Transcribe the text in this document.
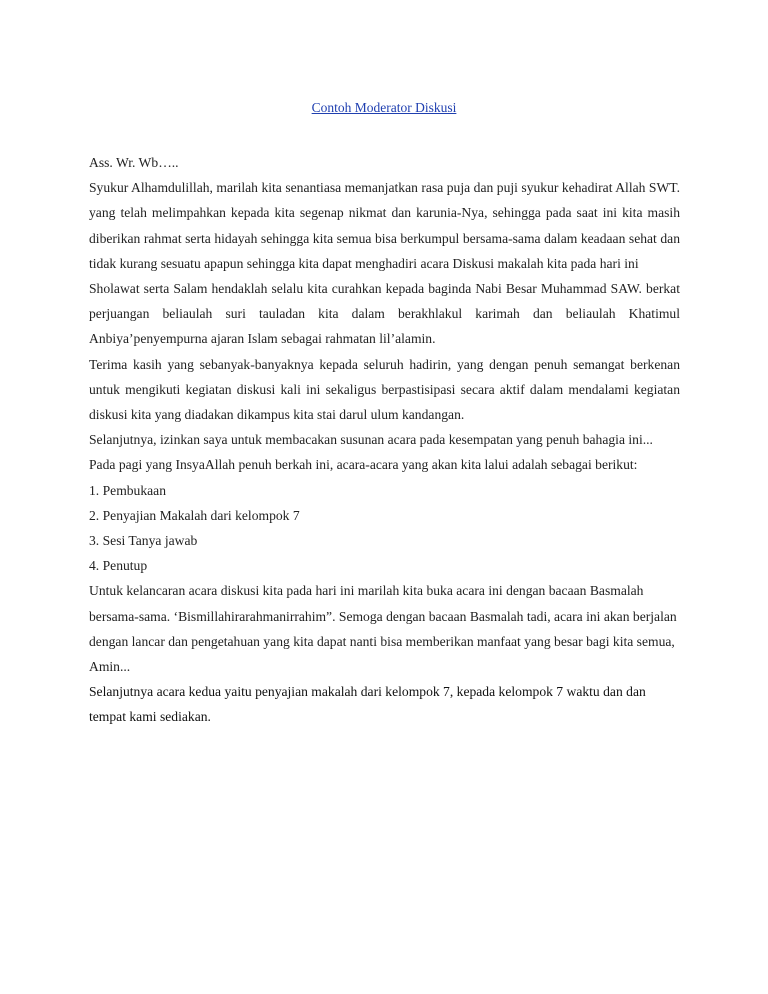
Contoh Moderator Diskusi

Ass. Wr. Wb…..

Syukur Alhamdulillah, marilah kita senantiasa memanjatkan rasa puja dan puji syukur kehadirat Allah SWT. yang telah melimpahkan kepada kita segenap nikmat dan karunia-Nya, sehingga pada saat ini kita masih diberikan rahmat serta hidayah sehingga kita semua bisa berkumpul bersama-sama dalam keadaan sehat dan tidak kurang sesuatu apapun sehingga kita dapat menghadiri acara Diskusi makalah kita pada hari ini

Sholawat serta Salam hendaklah selalu kita curahkan kepada baginda Nabi Besar Muhammad SAW. berkat perjuangan beliaulah suri tauladan kita dalam berakhlakul karimah dan beliaulah Khatimul Anbiya’penyempurna ajaran Islam sebagai rahmatan lil’alamin.

Terima kasih yang sebanyak-banyaknya kepada seluruh hadirin, yang dengan penuh semangat berkenan untuk mengikuti kegiatan diskusi kali ini sekaligus berpastisipasi secara aktif dalam mendalami kegiatan diskusi kita yang diadakan dikampus kita stai darul ulum kandangan.

Selanjutnya, izinkan saya untuk membacakan susunan acara pada kesempatan yang penuh bahagia ini...

Pada pagi yang InsyaAllah penuh berkah ini, acara-acara yang akan kita lalui adalah sebagai berikut:

1. Pembukaan

2. Penyajian Makalah dari kelompok 7

3. Sesi Tanya jawab

4. Penutup

Untuk kelancaran acara diskusi kita pada hari ini marilah kita buka acara ini dengan bacaan Basmalah bersama-sama. ‘Bismillahirarahmanirrahim”. Semoga dengan bacaan Basmalah tadi, acara ini akan berjalan dengan lancar dan pengetahuan yang kita dapat nanti bisa memberikan manfaat yang besar bagi kita semua, Amin...

Selanjutnya acara kedua yaitu penyajian makalah dari kelompok 7, kepada kelompok 7 waktu dan dan tempat kami sediakan.
